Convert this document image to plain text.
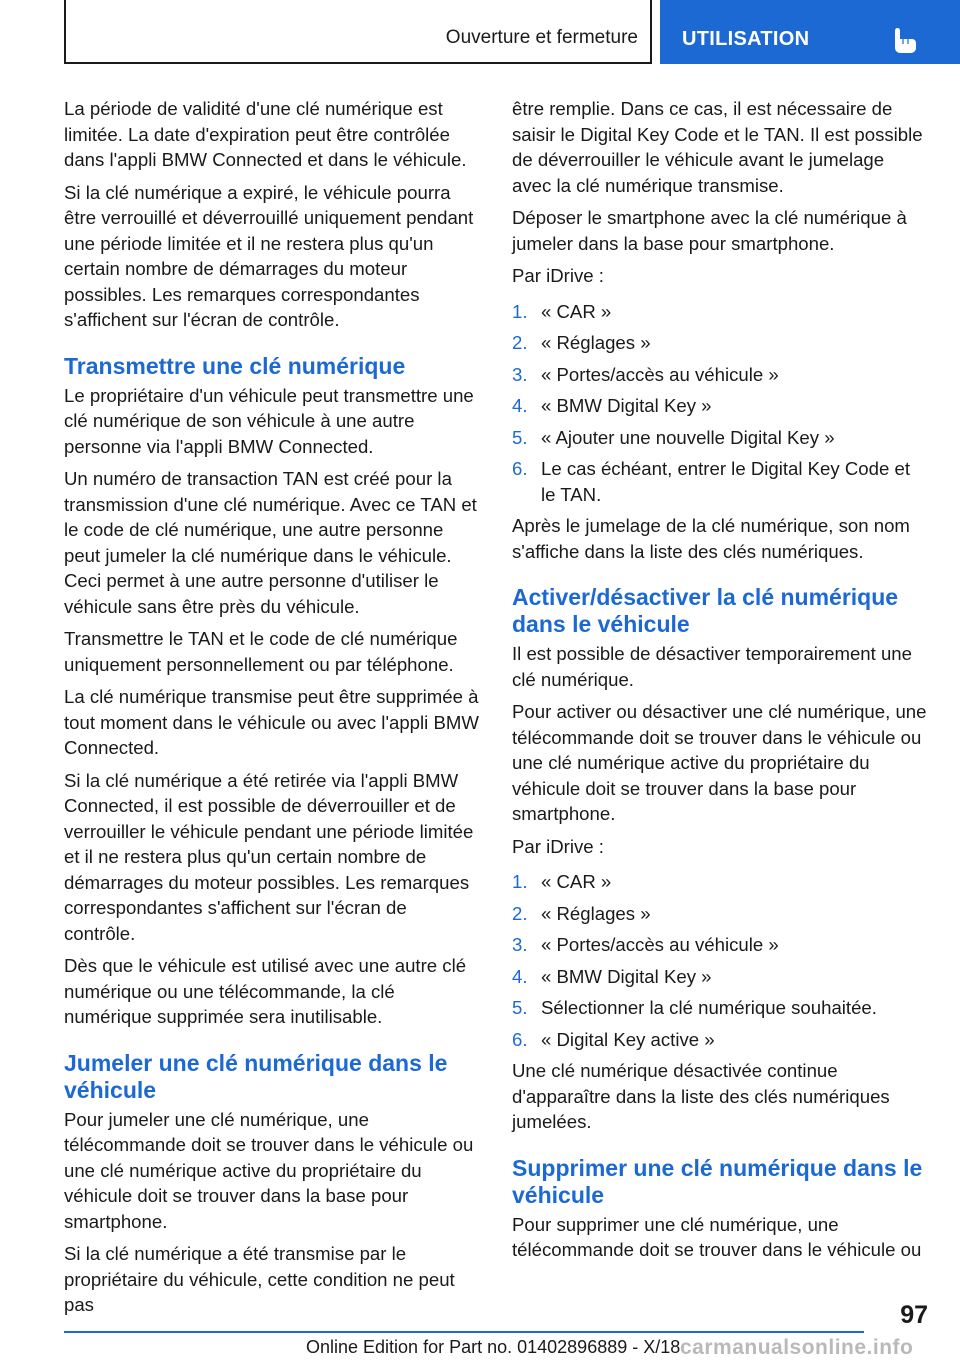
Ouverture et fermeture UTILISATION

La période de validité d'une clé numérique est limitée. La date d'expiration peut être contrôlée dans l'appli BMW Connected et dans le véhicule.

Si la clé numérique a expiré, le véhicule pourra être verrouillé et déverrouillé uniquement pendant une période limitée et il ne restera plus qu'un certain nombre de démarrages du moteur possibles. Les remarques correspondantes s'affichent sur l'écran de contrôle.

Transmettre une clé numérique

Le propriétaire d'un véhicule peut transmettre une clé numérique de son véhicule à une autre personne via l'appli BMW Connected.

Un numéro de transaction TAN est créé pour la transmission d'une clé numérique. Avec ce TAN et le code de clé numérique, une autre personne peut jumeler la clé numérique dans le véhicule. Ceci permet à une autre personne d'utiliser le véhicule sans être près du véhicule.

Transmettre le TAN et le code de clé numérique uniquement personnellement ou par téléphone.

La clé numérique transmise peut être supprimée à tout moment dans le véhicule ou avec l'appli BMW Connected.

Si la clé numérique a été retirée via l'appli BMW Connected, il est possible de déverrouiller et de verrouiller le véhicule pendant une période limitée et il ne restera plus qu'un certain nombre de démarrages du moteur possibles. Les remarques correspondantes s'affichent sur l'écran de contrôle.

Dès que le véhicule est utilisé avec une autre clé numérique ou une télécommande, la clé numérique supprimée sera inutilisable.

Jumeler une clé numérique dans le véhicule

Pour jumeler une clé numérique, une télécommande doit se trouver dans le véhicule ou une clé numérique active du propriétaire du véhicule doit se trouver dans la base pour smartphone.

Si la clé numérique a été transmise par le propriétaire du véhicule, cette condition ne peut pas

être remplie. Dans ce cas, il est nécessaire de saisir le Digital Key Code et le TAN. Il est possible de déverrouiller le véhicule avant le jumelage avec la clé numérique transmise.

Déposer le smartphone avec la clé numérique à jumeler dans la base pour smartphone.

Par iDrive :

1. « CAR »
2. « Réglages »
3. « Portes/accès au véhicule »
4. « BMW Digital Key »
5. « Ajouter une nouvelle Digital Key »
6. Le cas échéant, entrer le Digital Key Code et le TAN.

Après le jumelage de la clé numérique, son nom s'affiche dans la liste des clés numériques.

Activer/désactiver la clé numérique dans le véhicule

Il est possible de désactiver temporairement une clé numérique.

Pour activer ou désactiver une clé numérique, une télécommande doit se trouver dans le véhicule ou une clé numérique active du propriétaire du véhicule doit se trouver dans la base pour smartphone.

Par iDrive :

1. « CAR »
2. « Réglages »
3. « Portes/accès au véhicule »
4. « BMW Digital Key »
5. Sélectionner la clé numérique souhaitée.
6. « Digital Key active »

Une clé numérique désactivée continue d'apparaître dans la liste des clés numériques jumelées.

Supprimer une clé numérique dans le véhicule

Pour supprimer une clé numérique, une télécommande doit se trouver dans le véhicule ou

97
Online Edition for Part no. 01402896889 - X/18 carmanualsonline.info
